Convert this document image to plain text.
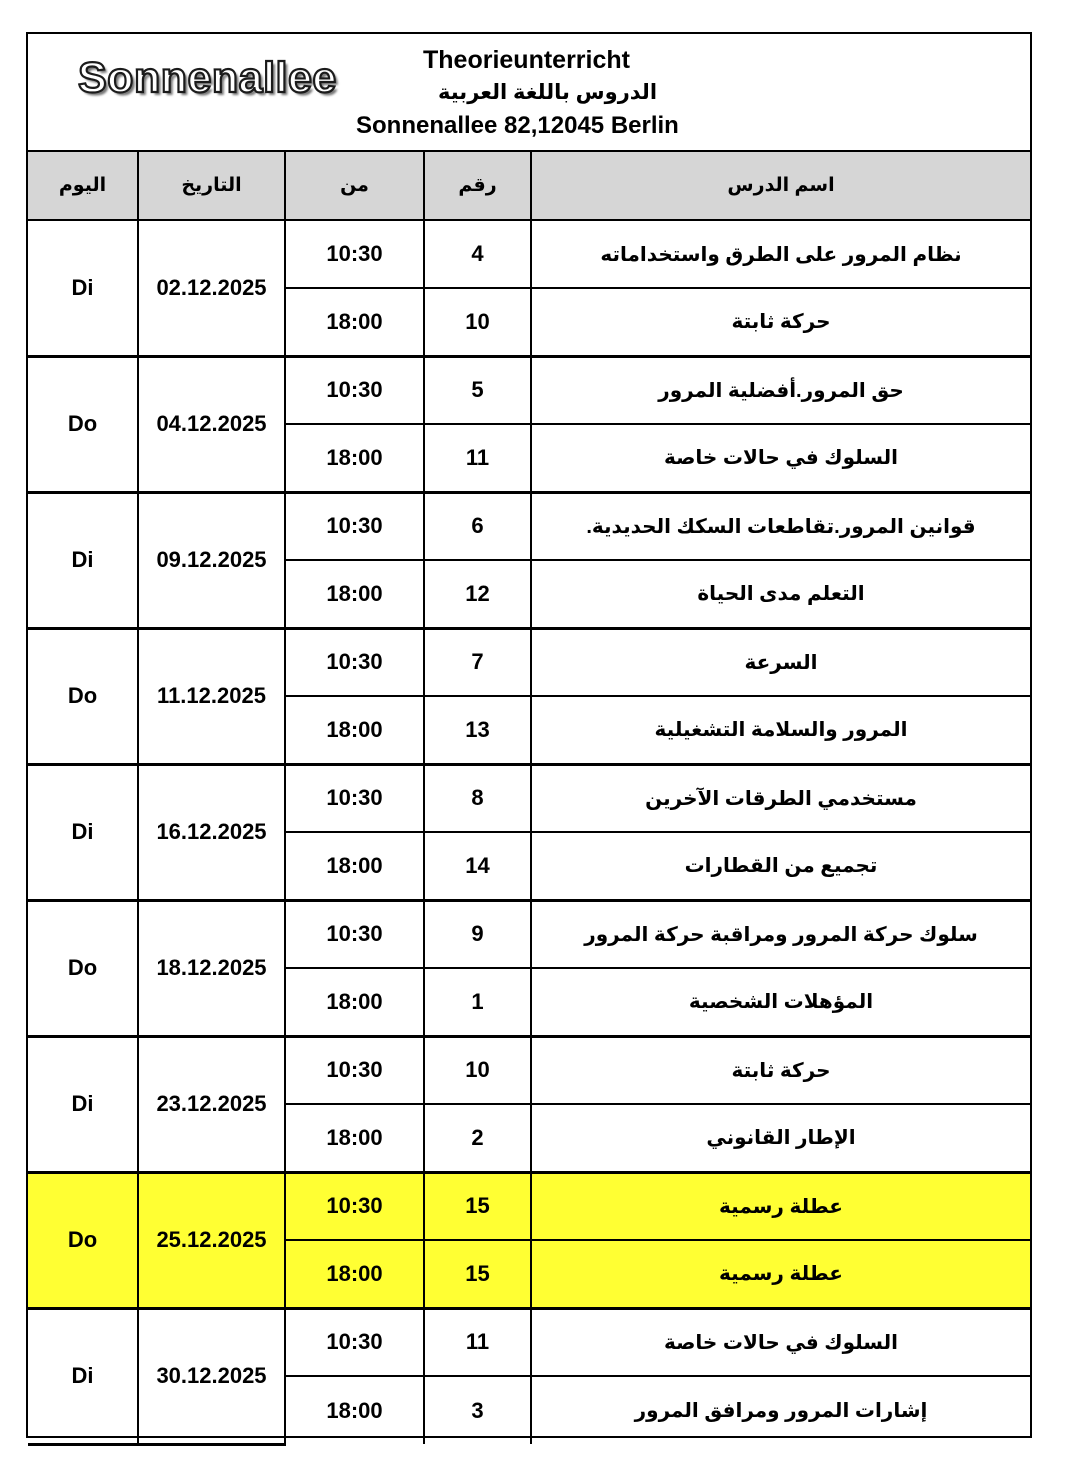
Sonnenallee	Theorieunterricht
الدروس باللغة العربية
Sonnenallee 82,12045 Berlin
اليوم	التاريخ	من	رقم	اسم الدرس
Di	02.12.2025	10:30	4	نظام المرور على الطرق واستخداماته
		18:00	10	حركة ثابتة
Do	04.12.2025	10:30	5	حق المرور.أفضلية المرور
		18:00	11	السلوك في حالات خاصة
Di	09.12.2025	10:30	6	قوانين المرور.تقاطعات السكك الحديدية.
		18:00	12	التعلم مدى الحياة
Do	11.12.2025	10:30	7	السرعة
		18:00	13	المرور والسلامة التشغيلية
Di	16.12.2025	10:30	8	مستخدمي الطرقات الآخرين
		18:00	14	تجميع من القطارات
Do	18.12.2025	10:30	9	سلوك حركة المرور ومراقبة حركة المرور
		18:00	1	المؤهلات الشخصية
Di	23.12.2025	10:30	10	حركة ثابتة
		18:00	2	الإطار القانوني
Do	25.12.2025	10:30	15	عطلة رسمية
		18:00	15	عطلة رسمية
Di	30.12.2025	10:30	11	السلوك في حالات خاصة
		18:00	3	إشارات المرور ومرافق المرور
